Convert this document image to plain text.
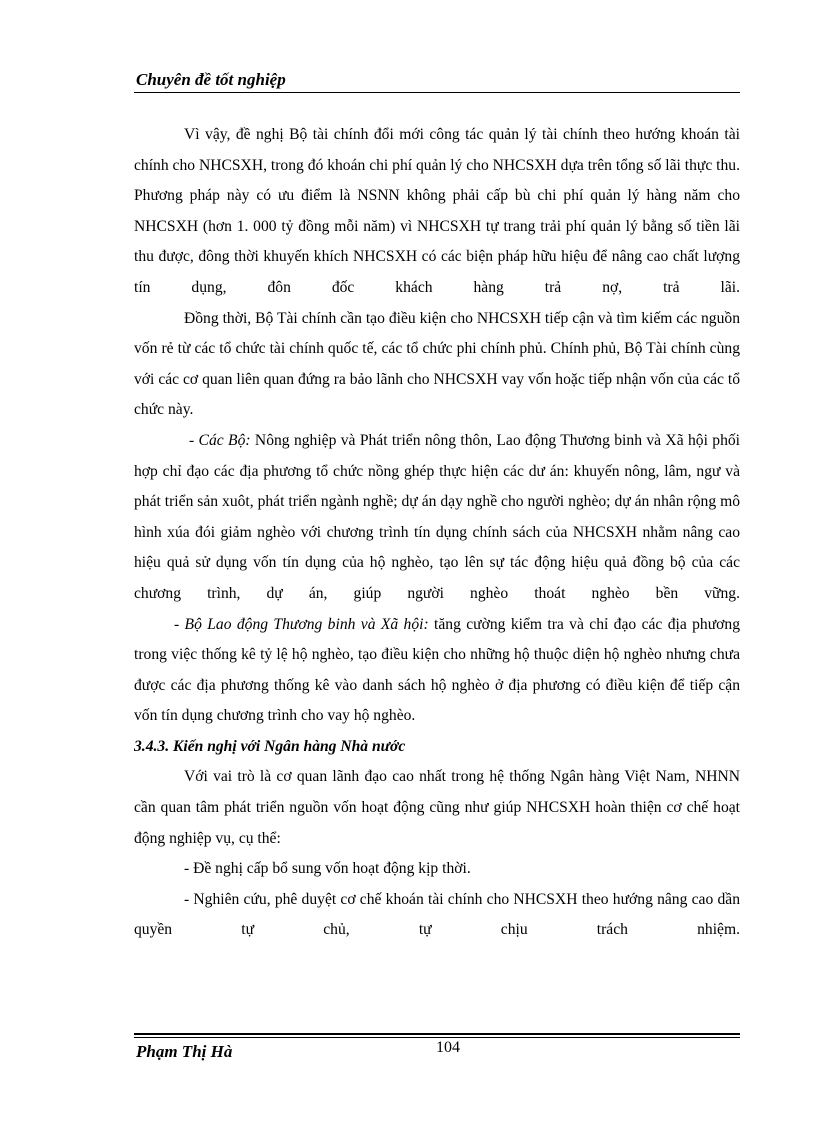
Chuyên đề tốt nghiệp

Vì vậy, đề nghị Bộ tài chính đổi mới công tác quản lý tài chính theo hướng khoán tài chính cho NHCSXH, trong đó khoán chi phí quản lý cho NHCSXH dựa trên tổng số lãi thực thu. Phương pháp này có ưu điểm là NSNN không phải cấp bù chi phí quản lý hàng năm cho NHCSXH (hơn 1. 000 tỷ đồng mỗi năm) vì NHCSXH tự trang trải phí quản lý bằng số tiền lãi thu được, đông thời khuyến khích NHCSXH có các biện pháp hữu hiệu để nâng cao chất lượng tín dụng, đôn đốc khách hàng trả nợ, trả lãi.

Đồng thời, Bộ Tài chính cần tạo điều kiện cho NHCSXH tiếp cận và tìm kiếm các nguồn vốn rẻ từ các tổ chức tài chính quốc tế, các tổ chức phi chính phủ. Chính phủ, Bộ Tài chính cùng với các cơ quan liên quan đứng ra bảo lãnh cho NHCSXH vay vốn hoặc tiếp nhận vốn của các tổ chức này.

- Các Bộ: Nông nghiệp và Phát triển nông thôn, Lao động Thương binh và Xã hội phối hợp chỉ đạo các địa phương tổ chức nồng ghép thực hiện các dư án: khuyến nông, lâm, ngư và phát triển sản xuôt, phát triển ngành nghề; dự án dạy nghề cho người nghèo; dự án nhân rộng mô hình xúa đói giảm nghèo với chương trình tín dụng chính sách của NHCSXH nhằm nâng cao hiệu quả sử dụng vốn tín dụng của hộ nghèo, tạo lên sự tác động hiệu quả đồng bộ của các chương trình, dự án, giúp người nghèo thoát nghèo bền vững.

- Bộ Lao động Thương binh và Xã hội: tăng cường kiểm tra và chỉ đạo các địa phương trong việc thống kê tỷ lệ hộ nghèo, tạo điều kiện cho những hộ thuộc diện hộ nghèo nhưng chưa được các địa phương thống kê vào danh sách hộ nghèo ở địa phương có điều kiện để tiếp cận vốn tín dụng chương trình cho vay hộ nghèo.

3.4.3. Kiến nghị với Ngân hàng Nhà nước

Với vai trò là cơ quan lãnh đạo cao nhất trong hệ thống Ngân hàng Việt Nam, NHNN cần quan tâm phát triển nguồn vốn hoạt động cũng như giúp NHCSXH hoàn thiện cơ chế hoạt động nghiệp vụ, cụ thể:

- Đề nghị cấp bổ sung vốn hoạt động kịp thời.

- Nghiên cứu, phê duyệt cơ chế khoán tài chính cho NHCSXH theo hướng nâng cao dần quyền tự chủ, tự chịu trách nhiệm.

Phạm Thị Hà	104
